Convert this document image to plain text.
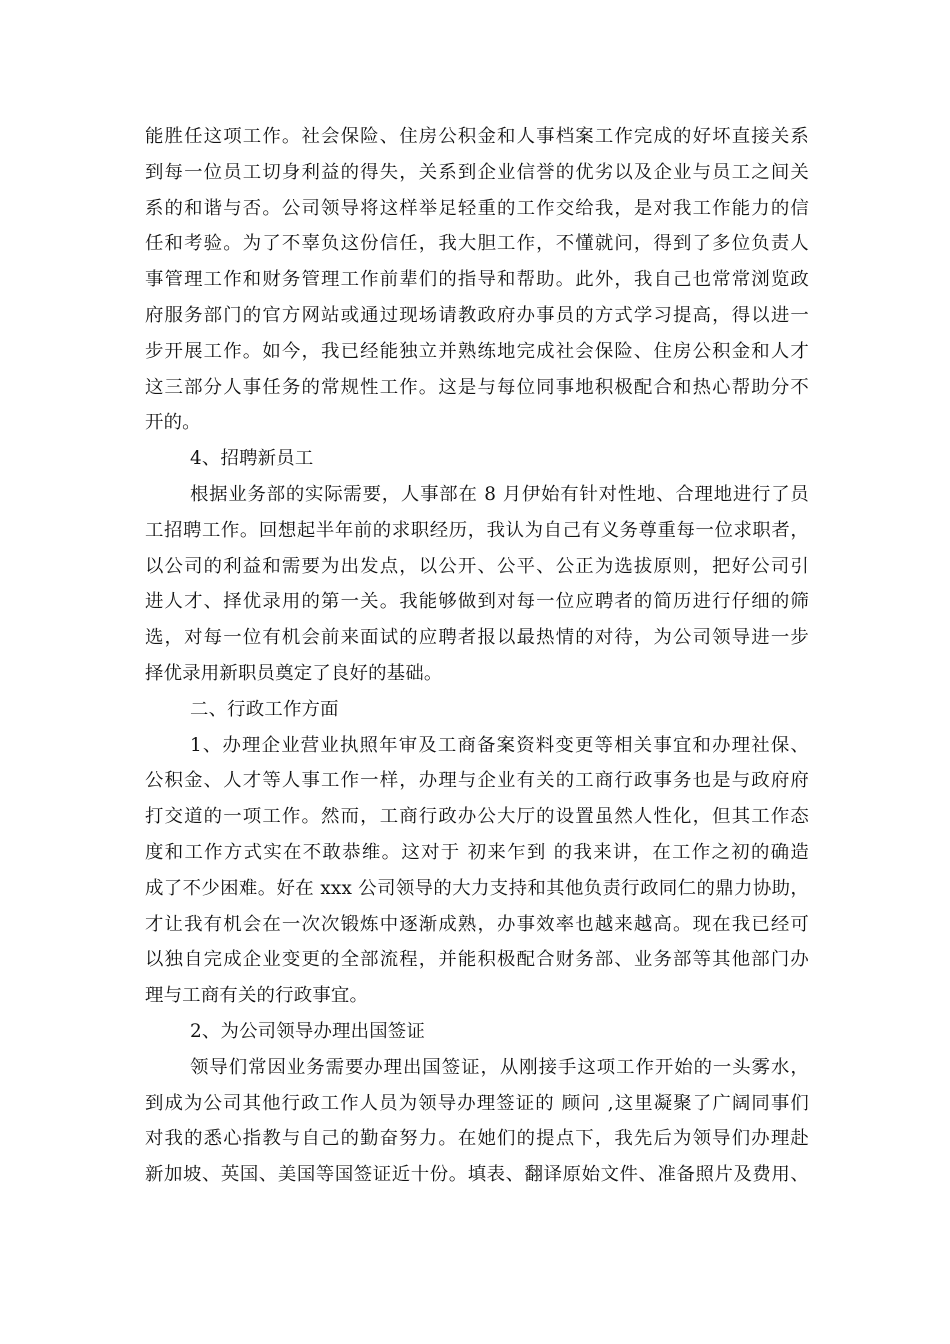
能胜任这项工作。社会保险、住房公积金和人事档案工作完成的好坏直接关系
到每一位员工切身利益的得失，关系到企业信誉的优劣以及企业与员工之间关
系的和谐与否。公司领导将这样举足轻重的工作交给我，是对我工作能力的信
任和考验。为了不辜负这份信任，我大胆工作，不懂就问，得到了多位负责人
事管理工作和财务管理工作前辈们的指导和帮助。此外，我自己也常常浏览政
府服务部门的官方网站或通过现场请教政府办事员的方式学习提高，得以进一
步开展工作。如今，我已经能独立并熟练地完成社会保险、住房公积金和人才
这三部分人事任务的常规性工作。这是与每位同事地积极配合和热心帮助分不
开的。
4、招聘新员工
根据业务部的实际需要，人事部在 8 月伊始有针对性地、合理地进行了员
工招聘工作。回想起半年前的求职经历，我认为自己有义务尊重每一位求职者，
以公司的利益和需要为出发点，以公开、公平、公正为选拔原则，把好公司引
进人才、择优录用的第一关。我能够做到对每一位应聘者的简历进行仔细的筛
选，对每一位有机会前来面试的应聘者报以最热情的对待，为公司领导进一步
择优录用新职员奠定了良好的基础。
二、行政工作方面
1、办理企业营业执照年审及工商备案资料变更等相关事宜和办理社保、
公积金、人才等人事工作一样，办理与企业有关的工商行政事务也是与政府府
打交道的一项工作。然而，工商行政办公大厅的设置虽然人性化，但其工作态
度和工作方式实在不敢恭维。这对于 初来乍到 的我来讲，在工作之初的确造
成了不少困难。好在 xxx 公司领导的大力支持和其他负责行政同仁的鼎力协助，
才让我有机会在一次次锻炼中逐渐成熟，办事效率也越来越高。现在我已经可
以独自完成企业变更的全部流程，并能积极配合财务部、业务部等其他部门办
理与工商有关的行政事宜。
2、为公司领导办理出国签证
领导们常因业务需要办理出国签证，从刚接手这项工作开始的一头雾水，
到成为公司其他行政工作人员为领导办理签证的 顾问 ,这里凝聚了广阔同事们
对我的悉心指教与自己的勤奋努力。在她们的提点下，我先后为领导们办理赴
新加坡、英国、美国等国签证近十份。填表、翻译原始文件、准备照片及费用、
